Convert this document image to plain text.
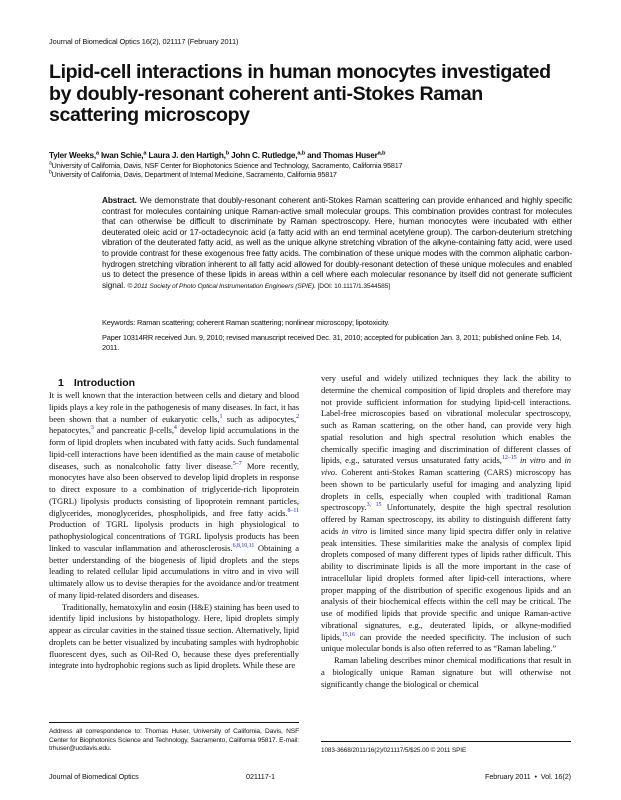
Journal of Biomedical Optics 16(2), 021117 (February 2011)
Lipid-cell interactions in human monocytes investigated by doubly-resonant coherent anti-Stokes Raman scattering microscopy
Tyler Weeks,$^a$ Iwan Schie,$^a$ Laura J. den Hartigh,$^b$ John C. Rutledge,$^{a,b}$ and Thomas Huser$^{a,b}$
$^a$University of California, Davis, NSF Center for Biophotonics Science and Technology, Sacramento, California 95817
$^b$University of California, Davis, Department of Internal Medicine, Sacramento, California 95817
Abstract. We demonstrate that doubly-resonant coherent anti-Stokes Raman scattering can provide enhanced and highly specific contrast for molecules containing unique Raman-active small molecular groups. This combination provides contrast for molecules that can otherwise be difficult to discriminate by Raman spectroscopy. Here, human monocytes were incubated with either deuterated oleic acid or 17-octadecynoic acid (a fatty acid with an end terminal acetylene group). The carbon-deuterium stretching vibration of the deuterated fatty acid, as well as the unique alkyne stretching vibration of the alkyne-containing fatty acid, were used to provide contrast for these exogenous free fatty acids. The combination of these unique modes with the common aliphatic carbon-hydrogen stretching vibration inherent to all fatty acid allowed for doubly-resonant detection of these unique molecules and enabled us to detect the presence of these lipids in areas within a cell where each molecular resonance by itself did not generate sufficient signal. © 2011 Society of Photo Optical Instrumentation Engineers (SPIE). [DOI: 10.1117/1.3544585]
Keywords: Raman scattering; coherent Raman scattering; nonlinear microscopy; lipotoxicity.
Paper 10314RR received Jun. 9, 2010; revised manuscript received Dec. 31, 2010; accepted for publication Jan. 3, 2011; published online Feb. 14, 2011.
1 Introduction

It is well known that the interaction between cells and dietary and blood lipids plays a key role in the pathogenesis of many diseases. In fact, it has been shown that a number of eukaryotic cells,$^1$ such as adipocytes,$^2$ hepatocytes,$^3$ and pancreatic β-cells,$^4$ develop lipid accumulations in the form of lipid droplets when incubated with fatty acids. Such fundamental lipid-cell interactions have been identified as the main cause of metabolic diseases, such as nonalcoholic fatty liver disease.$^{5-7}$ More recently, monocytes have also been observed to develop lipid droplets in response to direct exposure to a combination of triglyceride-rich lipoprotein (TGRL) lipolysis products consisting of lipoprotein remnant particles, diglycerides, monoglycerides, phospholipids, and free fatty acids.$^{8-11}$ Production of TGRL lipolysis products in high physiological to pathophysiological concentrations of TGRL lipolysis products has been linked to vascular inflammation and atherosclerosis.$^{6,8,10,11}$ Obtaining a better understanding of the biogenesis of lipid droplets and the steps leading to related cellular lipid accumulations in vitro and in vivo will ultimately allow us to devise therapies for the avoidance and/or treatment of many lipid-related disorders and diseases.

Traditionally, hematoxylin and eosin (H&E) staining has been used to identify lipid inclusions by histopathology. Here, lipid droplets simply appear as circular cavities in the stained tissue section. Alternatively, lipid droplets can be better visualized by incubating samples with hydrophobic fluorescent dyes, such as Oil-Red O, because these dyes preferentially integrate into hydrophobic regions such as lipid droplets. While these are

very useful and widely utilized techniques they lack the ability to determine the chemical composition of lipid droplets and therefore may not provide sufficient information for studying lipid-cell interactions. Label-free microscopies based on vibrational molecular spectroscopy, such as Raman scattering, on the other hand, can provide very high spatial resolution and high spectral resolution which enables the chemically specific imaging and discrimination of different classes of lipids, e.g., saturated versus unsaturated fatty acids,$^{12-15}$ in vitro and in vivo. Coherent anti-Stokes Raman scattering (CARS) microscopy has been shown to be particularly useful for imaging and analyzing lipid droplets in cells, especially when coupled with traditional Raman spectroscopy.$^{3, 15}$ Unfortunately, despite the high spectral resolution offered by Raman spectroscopy, its ability to distinguish different fatty acids in vitro is limited since many lipid spectra differ only in relative peak intensities. These similarities make the analysis of complex lipid droplets composed of many different types of lipids rather difficult. This ability to discriminate lipids is all the more important in the case of intracellular lipid droplets formed after lipid-cell interactions, where proper mapping of the distribution of specific exogenous lipids and an analysis of their biochemical effects within the cell may be critical. The use of modified lipids that provide specific and unique Raman-active vibrational signatures, e.g., deuterated lipids, or alkyne-modified lipids,$^{15,16}$ can provide the needed specificity. The inclusion of such unique molecular bonds is also often referred to as “Raman labeling.”

Raman labeling describes minor chemical modifications that result in a biologically unique Raman signature but will otherwise not significantly change the biological or chemical

Address all correspondence to: Thomas Huser, University of California, Davis, NSF Center for Biophotonics Science and Technology, Sacramento, California 95817. E-mail: trhuser@ucdavis.edu.	1083-3668/2011/16(2)/021117/5/$25.00 © 2011 SPIE
Journal of Biomedical Optics	021117-1	February 2011  •  Vol. 16(2)
